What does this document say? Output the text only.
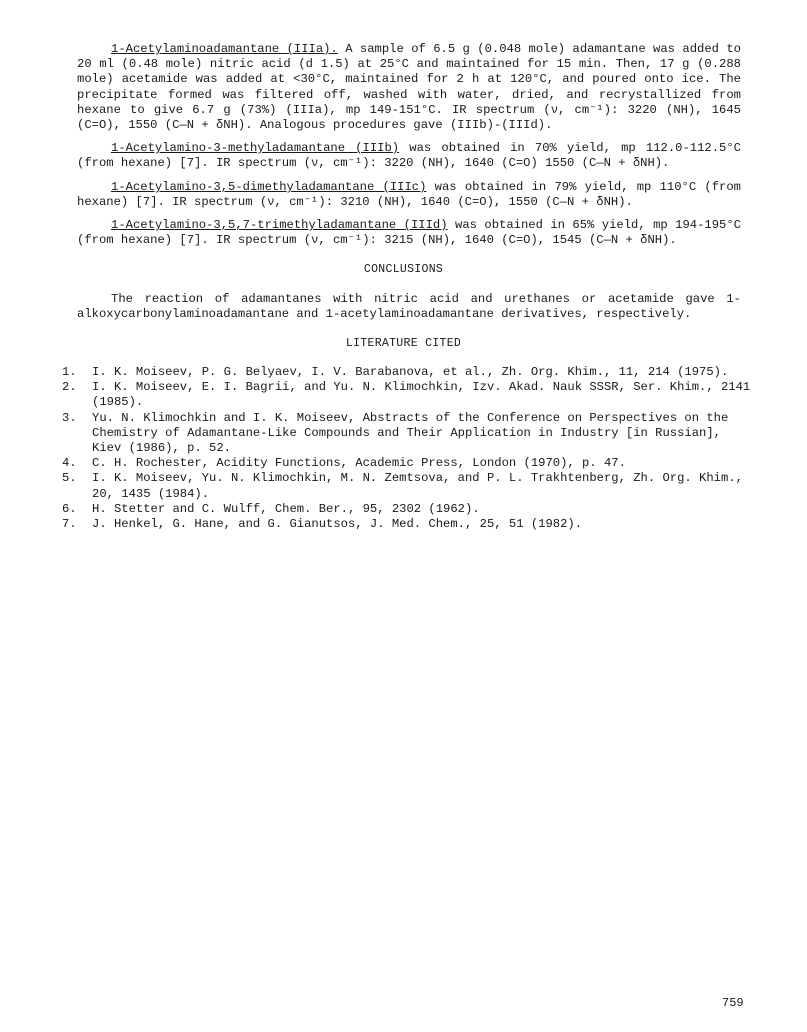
1-Acetylaminoadamantane (IIIa). A sample of 6.5 g (0.048 mole) adamantane was added to 20 ml (0.48 mole) nitric acid (d 1.5) at 25°C and maintained for 15 min. Then, 17 g (0.288 mole) acetamide was added at <30°C, maintained for 2 h at 120°C, and poured onto ice. The precipitate formed was filtered off, washed with water, dried, and recrystallized from hexane to give 6.7 g (73%) (IIIa), mp 149-151°C. IR spectrum (ν, cm⁻¹): 3220 (NH), 1645 (C=O), 1550 (C—N + δNH). Analogous procedures gave (IIIb)-(IIId).

1-Acetylamino-3-methyladamantane (IIIb) was obtained in 70% yield, mp 112.0-112.5°C (from hexane) [7]. IR spectrum (ν, cm⁻¹): 3220 (NH), 1640 (C=O) 1550 (C—N + δNH).

1-Acetylamino-3,5-dimethyladamantane (IIIc) was obtained in 79% yield, mp 110°C (from hexane) [7]. IR spectrum (ν, cm⁻¹): 3210 (NH), 1640 (C=O), 1550 (C—N + δNH).

1-Acetylamino-3,5,7-trimethyladamantane (IIId) was obtained in 65% yield, mp 194-195°C (from hexane) [7]. IR spectrum (ν, cm⁻¹): 3215 (NH), 1640 (C=O), 1545 (C—N + δNH).

CONCLUSIONS

The reaction of adamantanes with nitric acid and urethanes or acetamide gave 1-alkoxycarbonylaminoadamantane and 1-acetylaminoadamantane derivatives, respectively.

LITERATURE CITED

1.	I. K. Moiseev, P. G. Belyaev, I. V. Barabanova, et al., Zh. Org. Khim., 11, 214 (1975).
2.	I. K. Moiseev, E. I. Bagrii, and Yu. N. Klimochkin, Izv. Akad. Nauk SSSR, Ser. Khim., 2141 (1985).
3.	Yu. N. Klimochkin and I. K. Moiseev, Abstracts of the Conference on Perspectives on the Chemistry of Adamantane-Like Compounds and Their Application in Industry [in Russian], Kiev (1986), p. 52.
4.	C. H. Rochester, Acidity Functions, Academic Press, London (1970), p. 47.
5.	I. K. Moiseev, Yu. N. Klimochkin, M. N. Zemtsova, and P. L. Trakhtenberg, Zh. Org. Khim., 20, 1435 (1984).
6.	H. Stetter and C. Wulff, Chem. Ber., 95, 2302 (1962).
7.	J. Henkel, G. Hane, and G. Gianutsos, J. Med. Chem., 25, 51 (1982).
759
